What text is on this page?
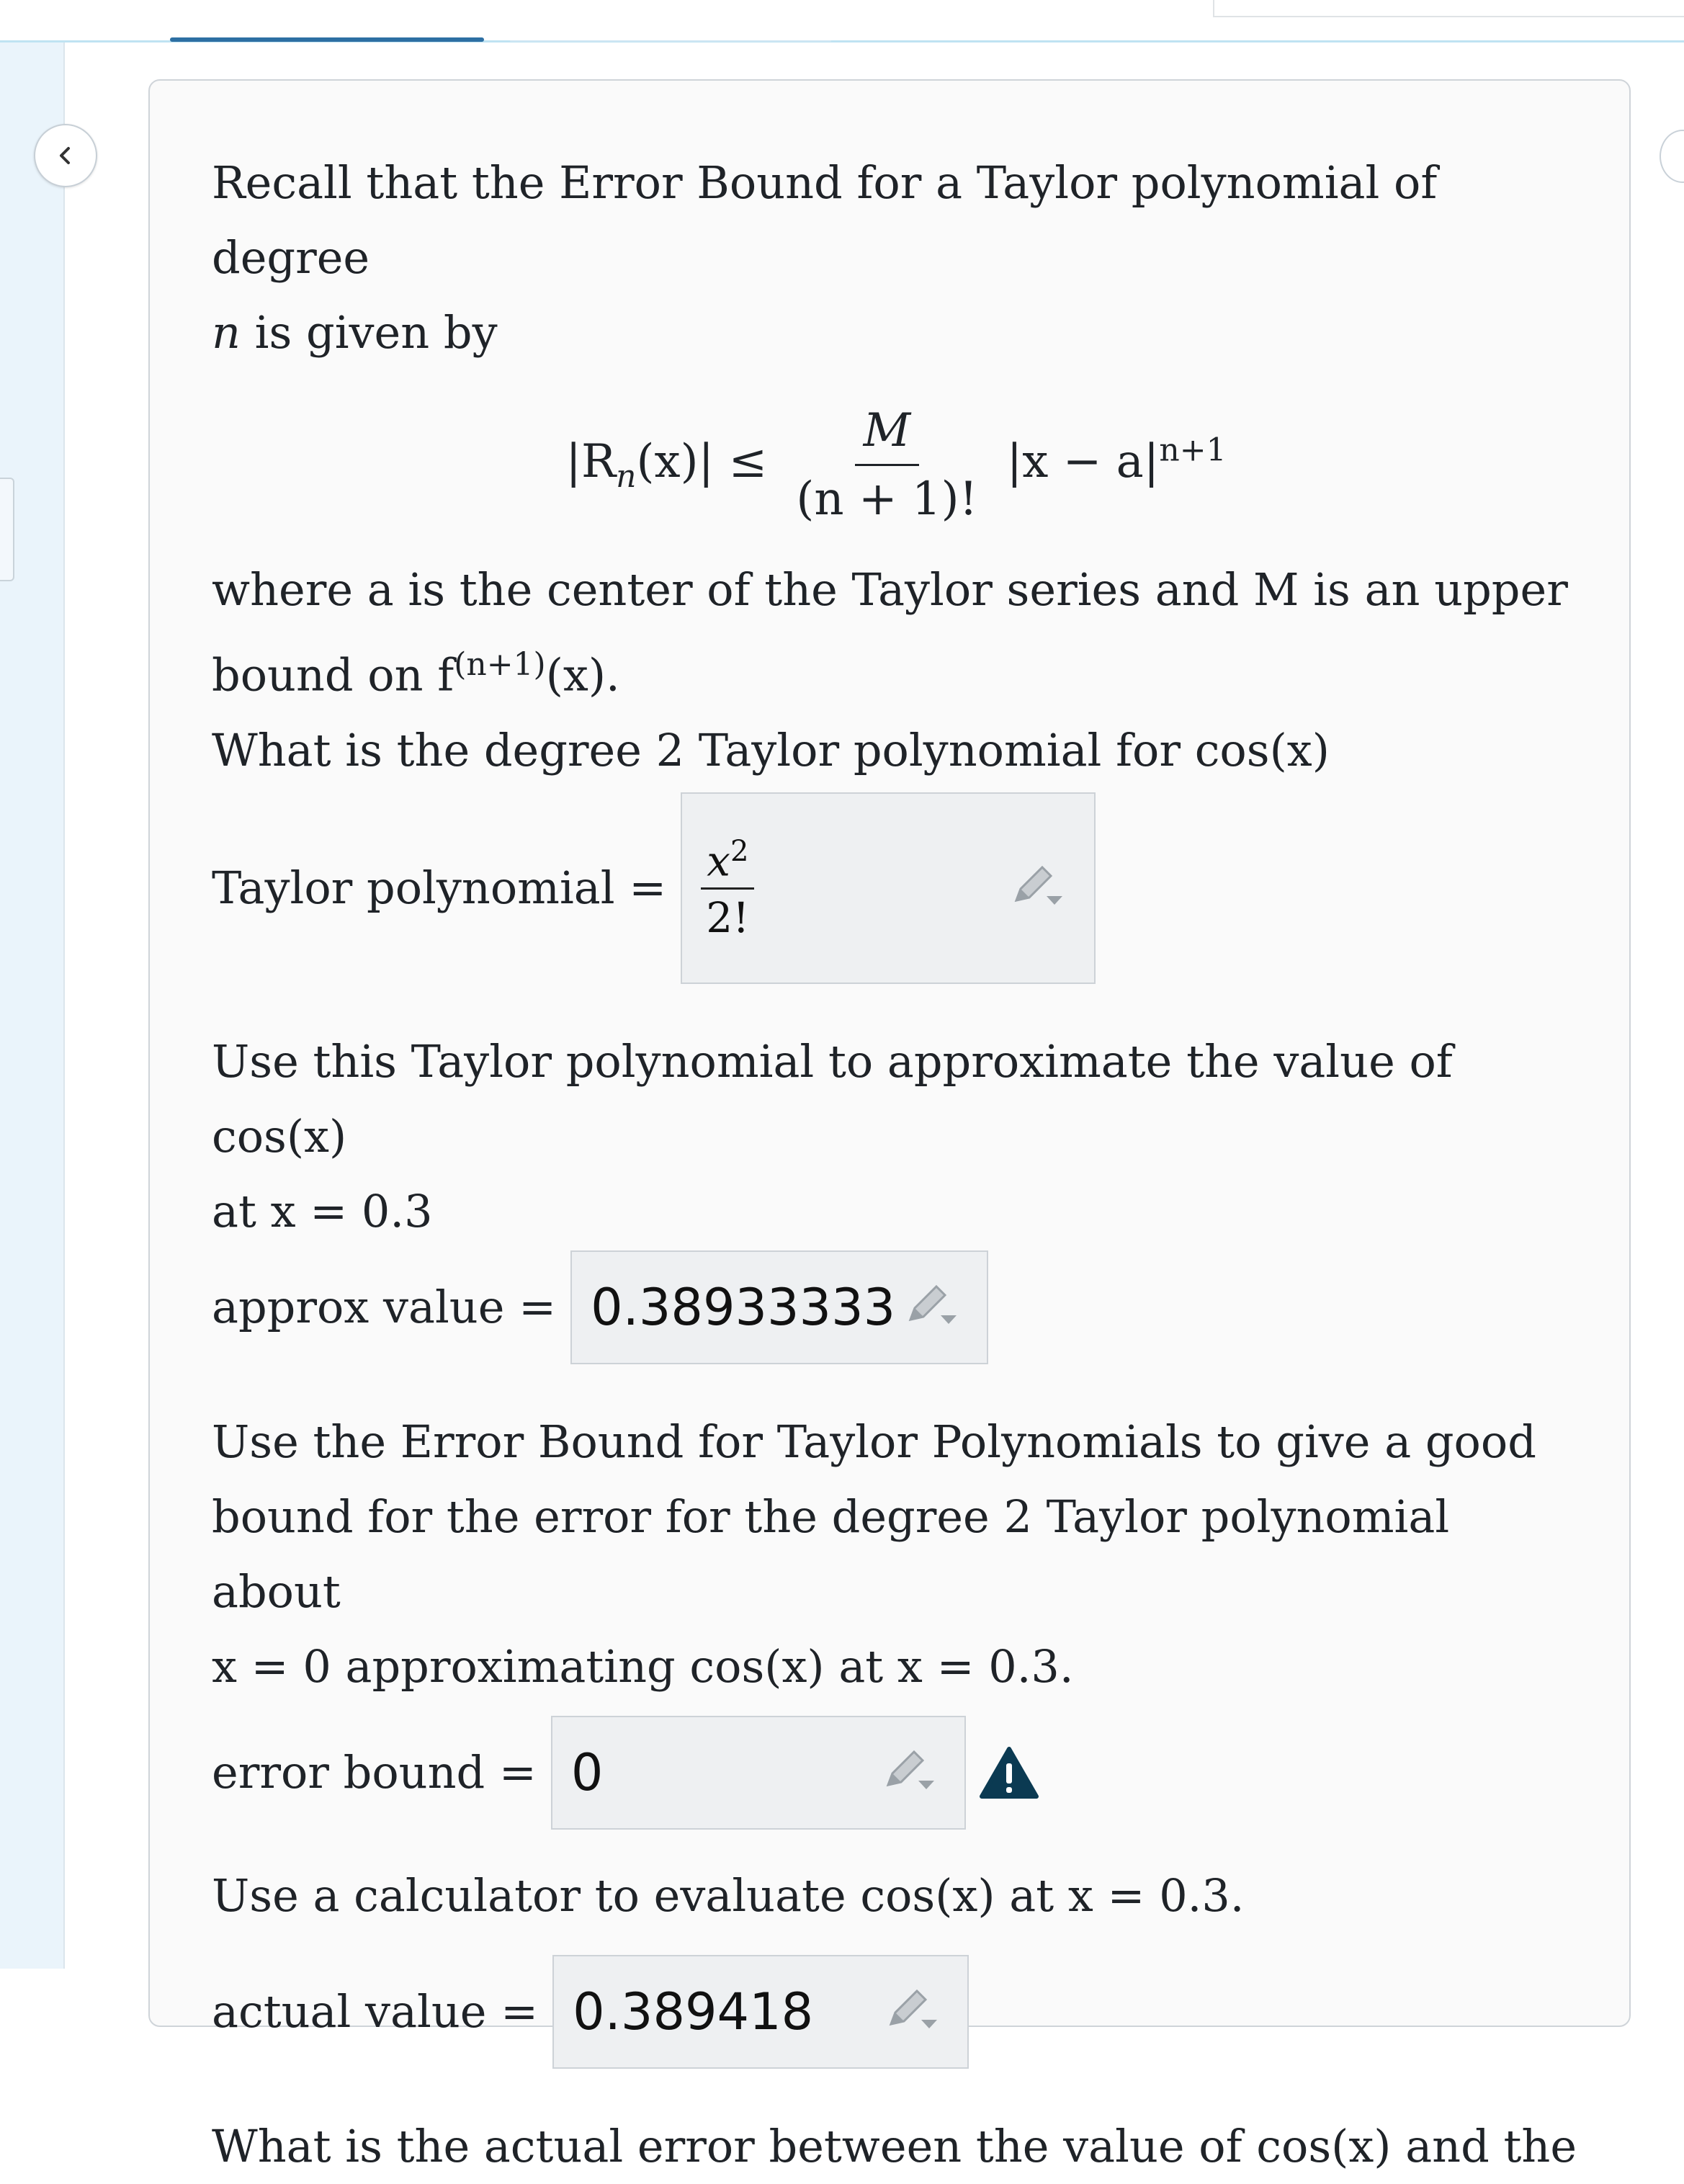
Recall that the Error Bound for a Taylor polynomial of degree

n is given by

$|R_n(x)| \le \frac{M}{(n + 1)!} |x - a|^{n+1}$

where a is the center of the Taylor series and M is an upper

bound on $f^{(n+1)}(x)$.

What is the degree 2 Taylor polynomial for cos(x)

Taylor polynomial = $\frac{x^2}{2!}$

Use this Taylor polynomial to approximate the value of cos(x)

at x = 0.3

approx value = 0.38933333

Use the Error Bound for Taylor Polynomials to give a good

bound for the error for the degree 2 Taylor polynomial about

x = 0 approximating cos(x) at x = 0.3.

error bound = 0

Use a calculator to evaluate cos(x) at x = 0.3.

actual value = 0.389418

What is the actual error between the value of cos(x) and the
